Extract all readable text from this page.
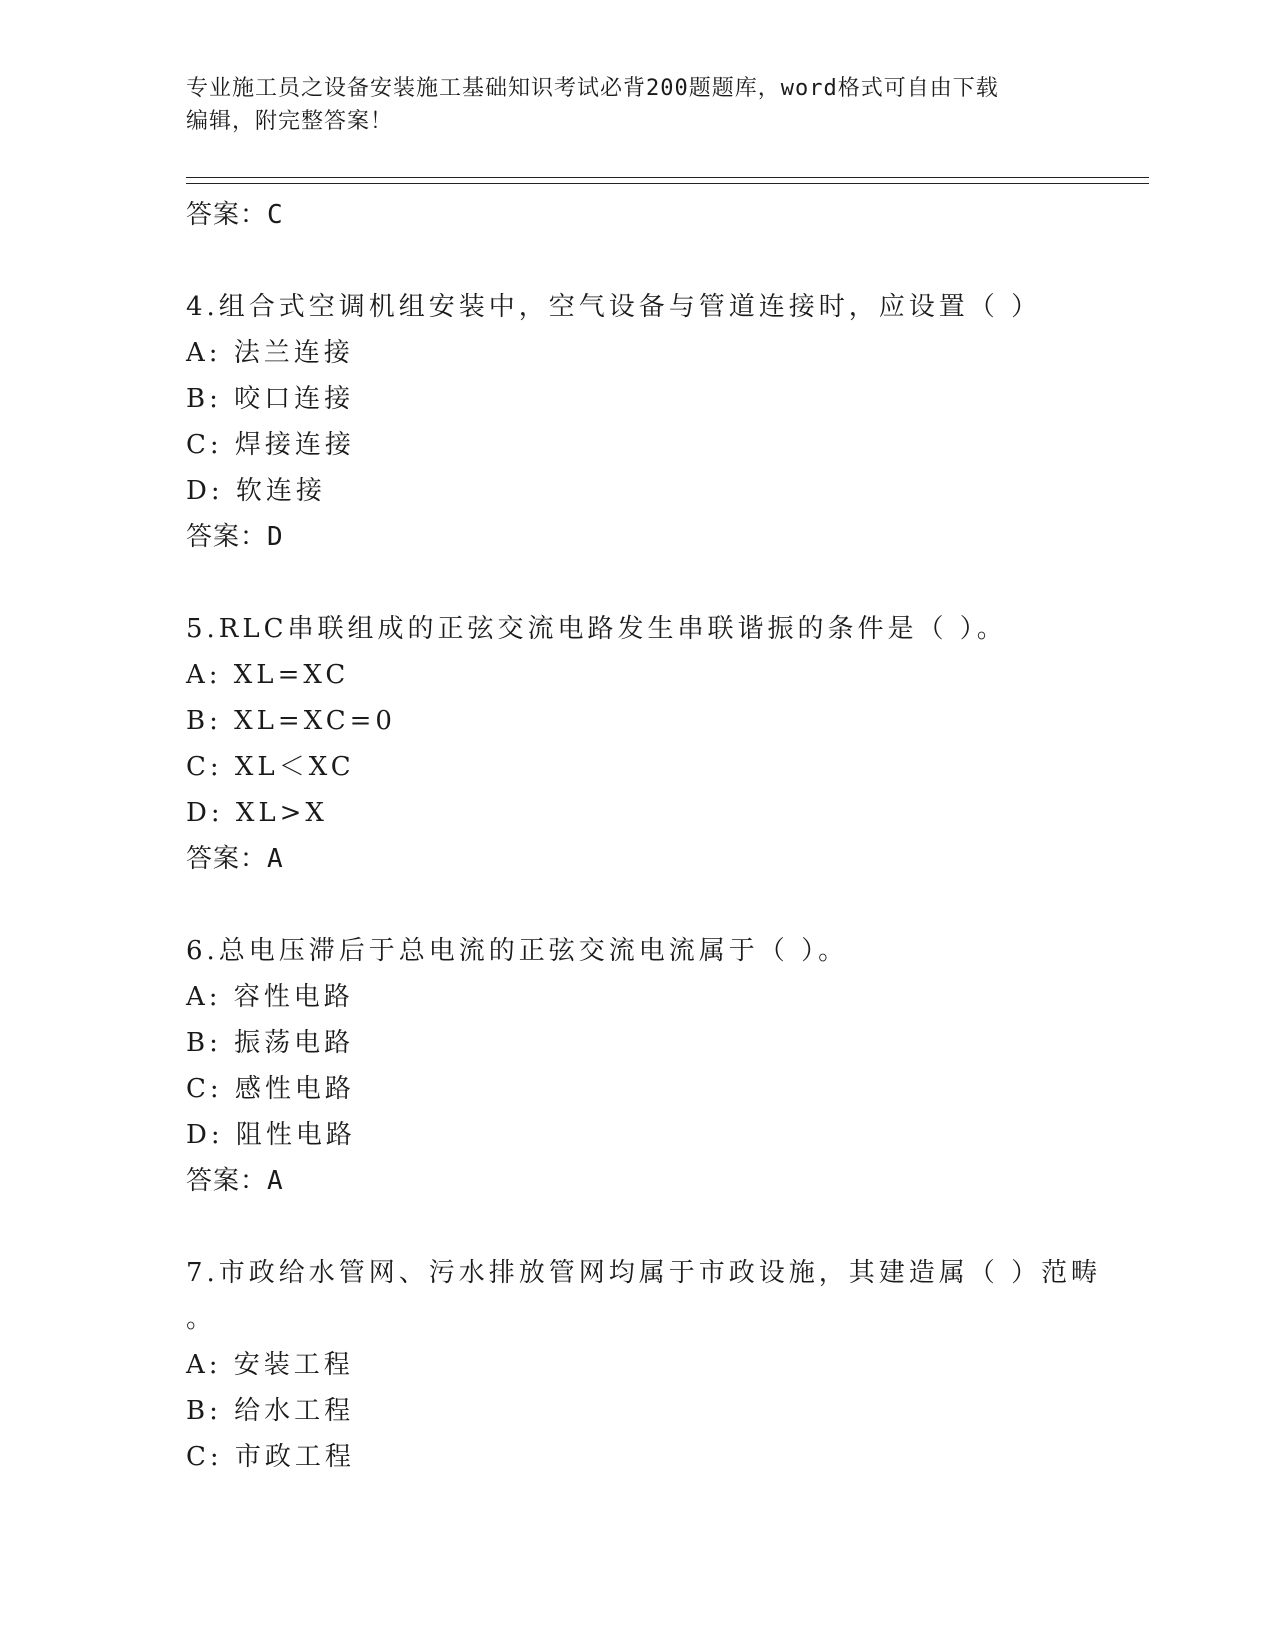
专业施工员之设备安装施工基础知识考试必背200题题库，word格式可自由下载
编辑，附完整答案！
答案：C
4.组合式空调机组安装中，空气设备与管道连接时，应设置（ ）
A: 法兰连接
B: 咬口连接
C: 焊接连接
D: 软连接
答案：D
5.RLC串联组成的正弦交流电路发生串联谐振的条件是（ ）。
A: XL=XC
B: XL=XC=0
C: XL＜XC
D: XL>X
答案：A
6.总电压滞后于总电流的正弦交流电流属于（ ）。
A: 容性电路
B: 振荡电路
C: 感性电路
D: 阻性电路
答案：A
7.市政给水管网、污水排放管网均属于市政设施，其建造属（ ）范畴
。
A: 安装工程
B: 给水工程
C: 市政工程
